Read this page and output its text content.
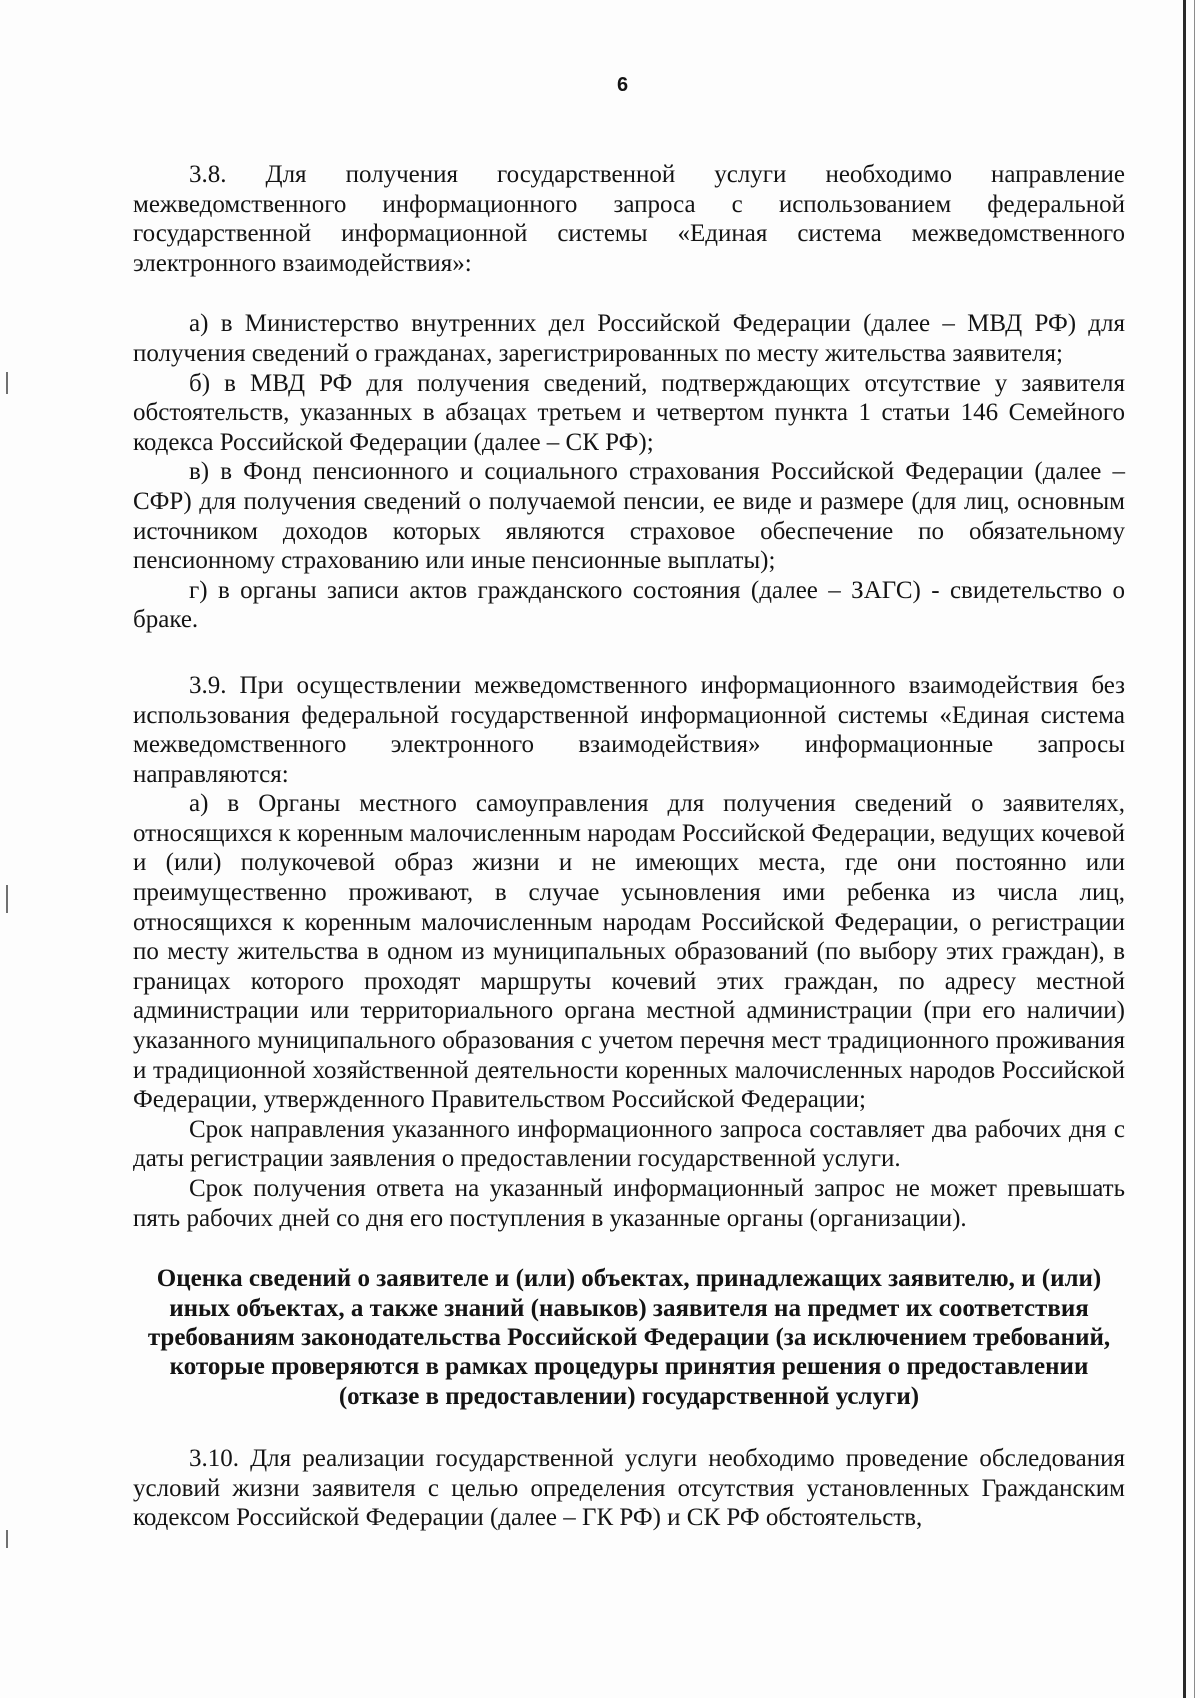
6

3.8. Для получения государственной услуги необходимо направление межведомственного информационного запроса с использованием федеральной государственной информационной системы «Единая система межведомственного электронного взаимодействия»:

а) в Министерство внутренних дел Российской Федерации (далее – МВД РФ) для получения сведений о гражданах, зарегистрированных по месту жительства заявителя;

б) в МВД РФ для получения сведений, подтверждающих отсутствие у заявителя обстоятельств, указанных в абзацах третьем и четвертом пункта 1 статьи 146 Семейного кодекса Российской Федерации (далее – СК РФ);

в) в Фонд пенсионного и социального страхования Российской Федерации (далее – СФР) для получения сведений о получаемой пенсии, ее виде и размере (для лиц, основным источником доходов которых являются страховое обеспечение по обязательному пенсионному страхованию или иные пенсионные выплаты);

г) в органы записи актов гражданского состояния (далее – ЗАГС) - свидетельство о браке.

3.9. При осуществлении межведомственного информационного взаимодействия без использования федеральной государственной информационной системы «Единая система межведомственного электронного взаимодействия» информационные запросы направляются:

а) в Органы местного самоуправления для получения сведений о заявителях, относящихся к коренным малочисленным народам Российской Федерации, ведущих кочевой и (или) полукочевой образ жизни и не имеющих места, где они постоянно или преимущественно проживают, в случае усыновления ими ребенка из числа лиц, относящихся к коренным малочисленным народам Российской Федерации, о регистрации по месту жительства в одном из муниципальных образований (по выбору этих граждан), в границах которого проходят маршруты кочевий этих граждан, по адресу местной администрации или территориального органа местной администрации (при его наличии) указанного муниципального образования с учетом перечня мест традиционного проживания и традиционной хозяйственной деятельности коренных малочисленных народов Российской Федерации, утвержденного Правительством Российской Федерации;

Срок направления указанного информационного запроса составляет два рабочих дня с даты регистрации заявления о предоставлении государственной услуги.

Срок получения ответа на указанный информационный запрос не может превышать пять рабочих дней со дня его поступления в указанные органы (организации).

Оценка сведений о заявителе и (или) объектах, принадлежащих заявителю, и (или) иных объектах, а также знаний (навыков) заявителя на предмет их соответствия требованиям законодательства Российской Федерации (за исключением требований, которые проверяются в рамках процедуры принятия решения о предоставлении (отказе в предоставлении) государственной услуги)

3.10. Для реализации государственной услуги необходимо проведение обследования условий жизни заявителя с целью определения отсутствия установленных Гражданским кодексом Российской Федерации (далее – ГК РФ) и СК РФ обстоятельств,
